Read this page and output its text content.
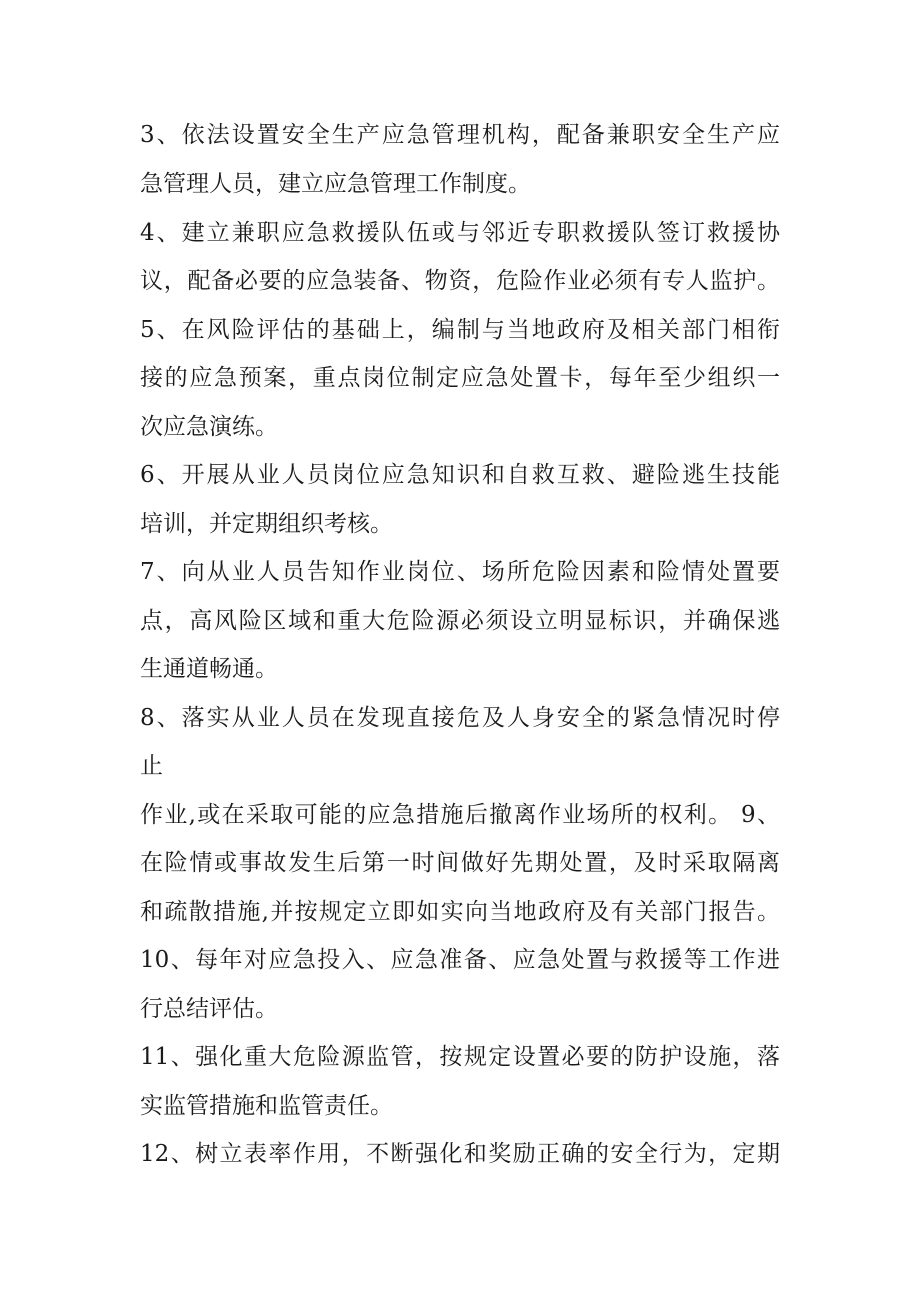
3、依法设置安全生产应急管理机构，配备兼职安全生产应
急管理人员，建立应急管理工作制度。
4、建立兼职应急救援队伍或与邻近专职救援队签订救援协
议，配备必要的应急装备、物资，危险作业必须有专人监护。
5、在风险评估的基础上，编制与当地政府及相关部门相衔
接的应急预案，重点岗位制定应急处置卡，每年至少组织一
次应急演练。
6、开展从业人员岗位应急知识和自救互救、避险逃生技能
培训，并定期组织考核。
7、向从业人员告知作业岗位、场所危险因素和险情处置要
点，高风险区域和重大危险源必须设立明显标识，并确保逃
生通道畅通。
8、落实从业人员在发现直接危及人身安全的紧急情况时停
止
作业,或在采取可能的应急措施后撤离作业场所的权利。 9、
在险情或事故发生后第一时间做好先期处置，及时采取隔离
和疏散措施,并按规定立即如实向当地政府及有关部门报告。
10、每年对应急投入、应急准备、应急处置与救援等工作进
行总结评估。
11、强化重大危险源监管，按规定设置必要的防护设施，落
实监管措施和监管责任。
12、树立表率作用，不断强化和奖励正确的安全行为，定期
